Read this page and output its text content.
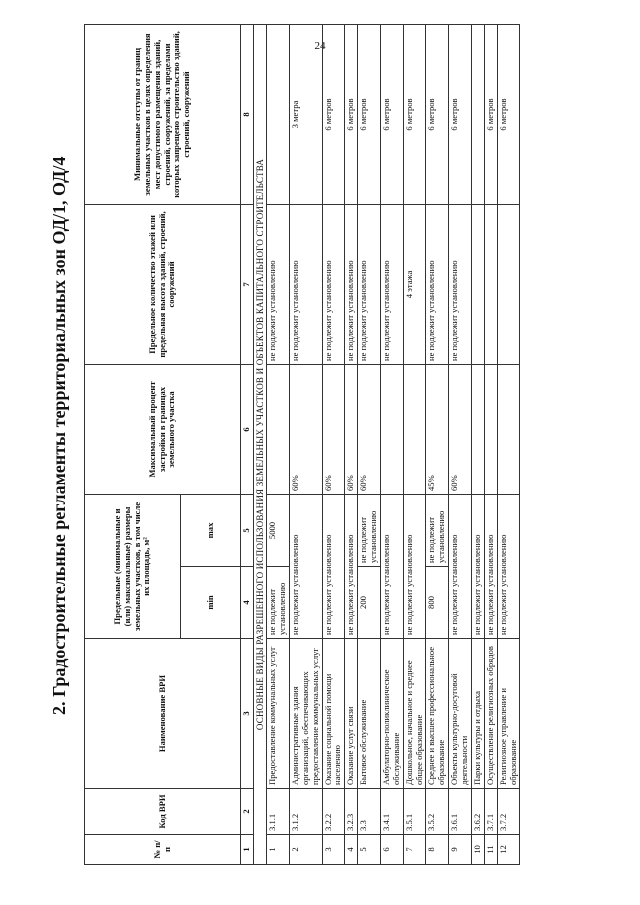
24
2. Градостроительные регламенты территориальных зон ОД/1, ОД/4
№ п/п	Код ВРИ	Наименование ВРИ	Предельные (минимальные и (или) максимальные) размеры земельных участков, в том числе их площадь, м²		Максимальный процент застройки в границах земельного участка	Предельное количество этажей или предельная высота зданий, строений, сооружений	Минимальные отступы от границ земельных участков в целях определения мест допустимого размещения зданий, строений, сооружений, за пределами которых запрещено строительство зданий, строений, сооружений
			min	max			
1	2	3	4	5	6	7	8
ОСНОВНЫЕ ВИДЫ РАЗРЕШЕННОГО ИСПОЛЬЗОВАНИЯ ЗЕМЕЛЬНЫХ УЧАСТКОВ И ОБЪЕКТОВ КАПИТАЛЬНОГО СТРОИТЕЛЬСТВА							
1	3.1.1	Предоставление коммунальных услуг	не подлежит установлению	5000		не подлежит установлению	
2	3.1.2	Административные здания организаций, обеспечивающих предоставление коммунальных услуг	не подлежит установлению		60%	не подлежит установлению	3 метра
3	3.2.2	Оказание социальной помощи населению	не подлежит установлению		60%	не подлежит установлению	6 метров
4	3.2.3	Оказание услуг связи	не подлежит установлению		60%	не подлежит установлению	6 метров
5	3.3	Бытовое обслуживание	200	не подлежит установлению	60%	не подлежит установлению	6 метров
6	3.4.1	Амбулаторно-поликлиническое обслуживание	не подлежит установлению			не подлежит установлению	6 метров
7	3.5.1	Дошкольное, начальное и среднее общее образование	не подлежит установлению			4 этажа	6 метров
8	3.5.2	Среднее и высшее профессиональное образование	800	не подлежит установлению	45%	не подлежит установлению	6 метров
9	3.6.1	Объекты культурно-досуговой деятельности	не подлежит установлению		60%	не подлежит установлению	6 метров
10	3.6.2	Парки культуры и отдыха	не подлежит установлению				
11	3.7.1	Осуществление религиозных обрядов	не подлежит установлению				6 метров
12	3.7.2	Религиозное управление и образование	не подлежит установлению				6 метров
